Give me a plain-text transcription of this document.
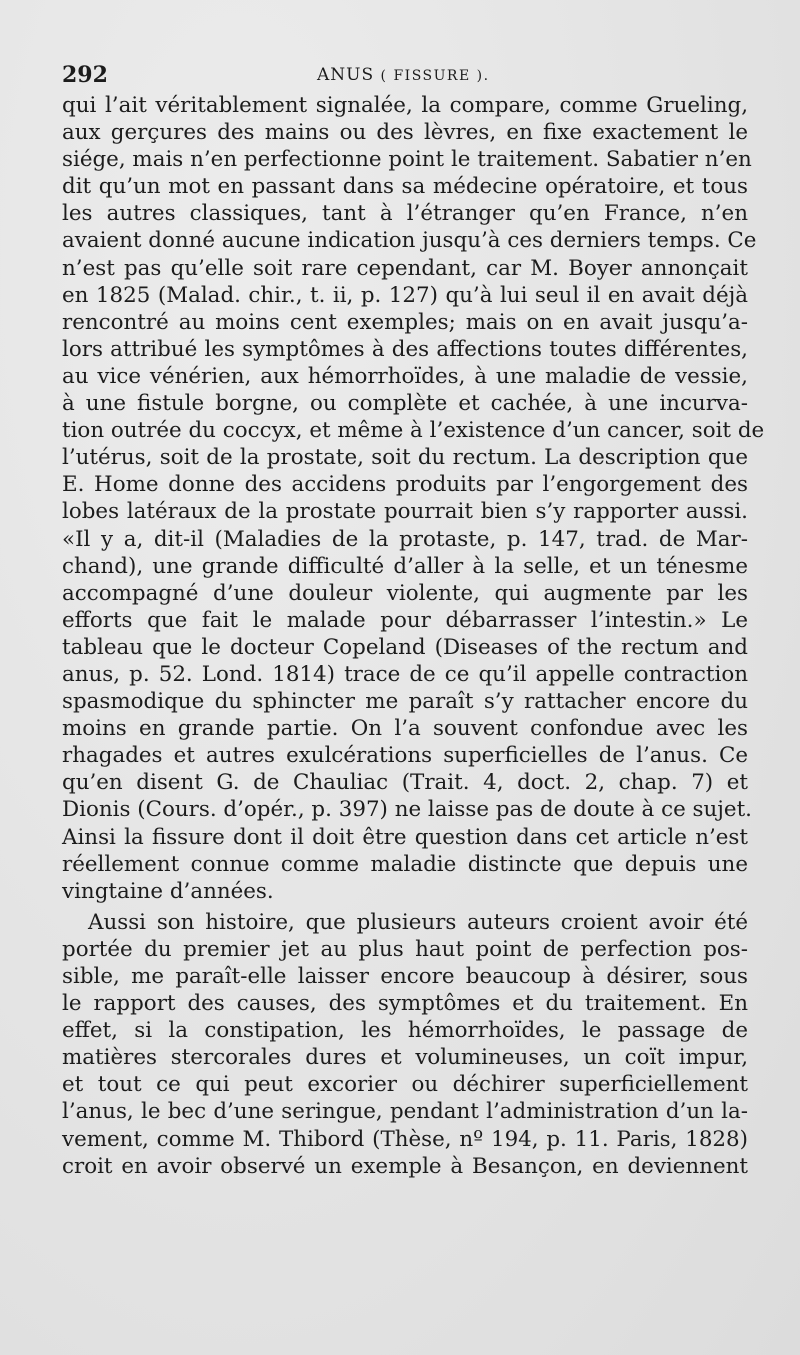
292	ANUS ( FISSURE ).
qui l’ait véritablement signalée, la compare, comme Grueling,
aux gerçures des mains ou des lèvres, en fixe exactement le
siége, mais n’en perfectionne point le traitement. Sabatier n’en
dit qu’un mot en passant dans sa médecine opératoire, et tous
les autres classiques, tant à l’étranger qu’en France, n’en
avaient donné aucune indication jusqu’à ces derniers temps. Ce
n’est pas qu’elle soit rare cependant, car M. Boyer annonçait
en 1825 (Malad. chir., t. ii, p. 127) qu’à lui seul il en avait déjà
rencontré au moins cent exemples; mais on en avait jusqu’a-
lors attribué les symptômes à des affections toutes différentes,
au vice vénérien, aux hémorrhoïdes, à une maladie de vessie,
à une fistule borgne, ou complète et cachée, à une incurva-
tion outrée du coccyx, et même à l’existence d’un cancer, soit de
l’utérus, soit de la prostate, soit du rectum. La description que
E. Home donne des accidens produits par l’engorgement des
lobes latéraux de la prostate pourrait bien s’y rapporter aussi.
«Il y a, dit-il (Maladies de la protaste, p. 147, trad. de Mar-
chand), une grande difficulté d’aller à la selle, et un ténesme
accompagné d’une douleur violente, qui augmente par les
efforts que fait le malade pour débarrasser l’intestin.» Le
tableau que le docteur Copeland (Diseases of the rectum and
anus, p. 52. Lond. 1814) trace de ce qu’il appelle contraction
spasmodique du sphincter me paraît s’y rattacher encore du
moins en grande partie. On l’a souvent confondue avec les
rhagades et autres exulcérations superficielles de l’anus. Ce
qu’en disent G. de Chauliac (Trait. 4, doct. 2, chap. 7) et
Dionis (Cours. d’opér., p. 397) ne laisse pas de doute à ce sujet.
Ainsi la fissure dont il doit être question dans cet article n’est
réellement connue comme maladie distincte que depuis une
vingtaine d’années.
Aussi son histoire, que plusieurs auteurs croient avoir été
portée du premier jet au plus haut point de perfection pos-
sible, me paraît-elle laisser encore beaucoup à désirer, sous
le rapport des causes, des symptômes et du traitement. En
effet, si la constipation, les hémorrhoïdes, le passage de
matières stercorales dures et volumineuses, un coït impur,
et tout ce qui peut excorier ou déchirer superficiellement
l’anus, le bec d’une seringue, pendant l’administration d’un la-
vement, comme M. Thibord (Thèse, nº 194, p. 11. Paris, 1828)
croit en avoir observé un exemple à Besançon, en deviennent
